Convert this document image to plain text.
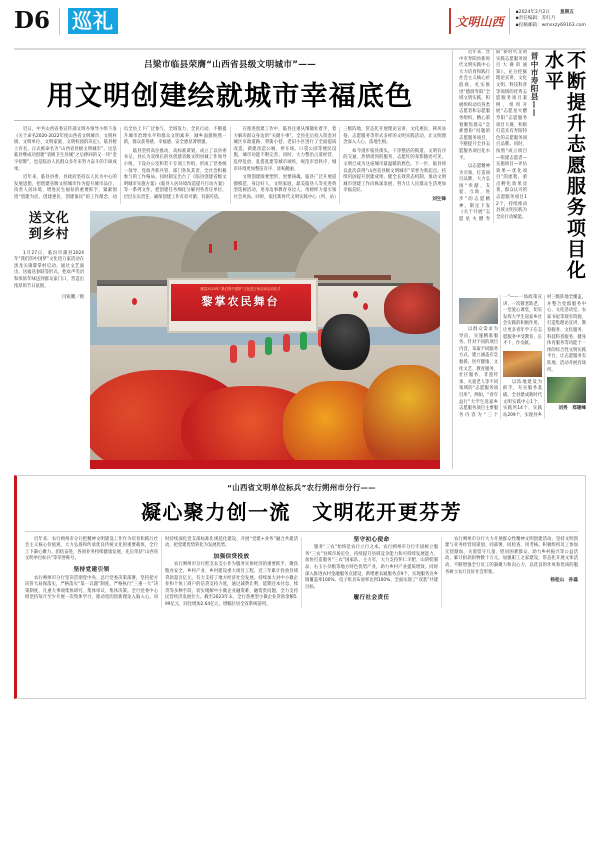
D6	巡礼	文明山西
▪2024年2月2日 星期五
▪责任编辑：苏红月
▪投稿邮箱：wmsxzy69163.com
吕梁市临县荣膺“山西省县级文明城市”——
用文明创建绘就城市幸福底色

近日，中共山西省委宣传部文明办领导小组下发《关于命名2020-2022年度山西省文明城市、文明村镇、文明单位、文明家庭、文明校园的决定》，临县榜上有名，正式被命名为“山西省县级文明城市”。这是临县继成功创建“省级卫生县城”之后捧回的又一块“金字招牌”，也是临县人民群众多年来努力奋斗的丰硕成果。

近年来，临县县委、县政府坚持以人民为中心的发展思想，把创建省级文明城市作为提升城市品位、改善人居环境、增进民生福祉的重要抓手，紧紧围绕“创建为民、创建惠民、创建靠民”的工作理念，动员全县上下广泛参与，全域发力、全民行动，不断提升城市治理水平和群众文明素养，城乡面貌焕然一新，群众获得感、幸福感、安全感显著增强。

临县坚持高位推动、高标准谋划，成立了以县委书记、县长为双组长的县创建省级文明县城工作领导小组，下设办公室和若干专项工作组，形成了党委统一领导、党政齐抓共管、部门各负其责、全社会积极参与的工作格局。同时制定出台了《临县创建省级文明城市实施方案》《临县人居环境改造提升行动方案》等一系列文件，把创建任务细化分解到各责任单位，层层压实责任，确保创建工作有章可循、有据可依。

在推进创建工作中，临县注重从细微处着手，着力解决群众身边的“关键小事”。全县先后投入资金对城区市政道路、背街小巷、老旧小区进行了全面提质改造，新建改造公厕、停车场、口袋公园等便民设施，城市功能不断完善。同时，大力整治占道经营、乱停乱放、乱搭乱建等城市顽疾，规范市容秩序，城市环境更加整洁有序、清爽靓丽。

文明创建既要塑形，更要铸魂。临县广泛开展道德模范、身边好人、文明家庭、最美临县人等先进典型选树活动，用身边事教育身边人，用榜样力量引领社会风尚。同时，依托新时代文明实践中心（所、站）三级阵地，常态化开展理论宣讲、文化惠民、移风易俗、志愿服务等形式多样的文明实践活动，让文明理念深入人心、落地生根。

如今漫步临县街头，干净整洁的街道、文明有序的交通、热情周到的服务、志愿红的身影随处可见，文明已成为这座城市最温暖的底色。下一步，临县将以此次获得“山西省县级文明城市”荣誉为新起点，持续巩固提升创建成果，健全长效常态机制，推动文明城市创建工作向纵深发展，努力让人民群众生活更加幸福美好。

刘生锋
送文化
到乡村

1月27日，临汾市蒲县2024年“我们的中国梦”文化进万家活动在黑龙关镇黎掌村启动。通过文艺演出、送福送春联等形式，把欢声笑语和浓浓年味送到群众家门口，营造出浓厚的节日氛围。

闫锐鹏／摄
蒲县2024年“我们的中国梦”文化进万家活动启动仪式
黎掌农民舞台
不断提升志愿服务项目化水平
晋中市寿阳县——

近年来，晋中市寿阳县新时代文明实践中心大力培育和践行社会主义核心价值观，扎实推进“德润寿阳”全域文明实践，积极组织动员各类志愿者和志愿服务组织，精心策划聚焦群众“急难愁盼”问题的志愿服务项目，不断提升全县志愿服务项目化水平。

以志愿精神为引领，打造项目品牌，大力弘扬“奉献、友爱、互助、进步”的志愿精神，制定下发《关于开展“志愿星火燃寿阳”新时代文明实践志愿服务项目大赛的通知》，充分挖掘理论宣讲、文化文明、科技科普等领域的优秀志愿服务项目案例，组织开展“志愿星火燃寿阳”志愿服务项目大赛，积极打造具有寿阳特色的志愿服务项目品牌。同时，按照“成立项目—组建志愿者—实施项目—评估效果—优化项目”的流程，重点孵化效果显著、群众认可的志愿服务项目12个，持续推动县域文明实践为全民行动赋能。

以群众需求为导向，实施精准服务，针对不同的项目内容，采取不同服务方式，建立涵盖应急救援、医疗健康、文化文艺、教育服务、社区服务、非遗传承、关爱老人等不同领域的“志愿服务项目库”。例如，“青年益行”大学生返家乡志愿服务项目主要服务内容为“三个一”——一场政策宣讲、一次敬老助老、一堂爱心课堂，切实发挥大学生返家乡社会实践的积极作用，让更多青年学子在志愿服务中受教育、长才干、作贡献。

以阵地建设为抓手，夯实服务基础。全县建成新时代文明实践中心1个、实践所14个、实践站209个，实现县乡村三级阵地全覆盖，并整合党群服务中心、文化活动室、农家书屋等现有资源，打造集理论宣讲、教育服务、文化服务、科技科普服务、健身体育服务等功能于一体的综合性文明实践平台，让志愿服务有阵地、活动开展有场所。

刘秀　郑建峰
“山西省文明单位标兵”农行朔州市分行——
凝心聚力创一流　文明花开更芬芳

近年来，农行朔州市分行把精神文明建设工作作为培育和践行社会主义核心价值观、大力弘扬和传承优良传统文化的重要载体，全行上下凝心聚力、团结奋进，各项业务持续健康发展，先后荣获“山西省文明单位标兵”等荣誉称号。

坚持党建引领

农行朔州市分行坚决贯彻党中央、总行党委决策部署，坚持把方向管大局保落实，严格落实“第一议题”制度，严格执行“三重一大”决策制度，凡重大事项集体研究、集体审议、集体决策。全行党委中心组坚持每月至少开展一次集体学习，推动党的创新理论入脑入心。同时持续深化党支部标准化规范化建设，开展“党建+业务”融合共建活动，把党建优势转化为发展优势。

加强信贷投放

农行朔州市分行把支农支小作为服务实体经济的重要抓手，聚焦粮食安全、乡村产业、乡村建设重大项目工程，近三年累计投放县域贷款超百亿元，有力支持了地方经济社会发展。持续加大对中小微企业和个体工商户的信贷支持力度，通过减费让利、延期还本付息、续贷等多种手段，切实缓解中小微企业融资难、融资贵问题，全力支持民营经济发展壮大。截至2023年末，全行普惠型小微企业贷款余额5.99亿元，同比增加2.64亿元，增幅位居全省系统前列。

坚守初心使命

服务“三农”始终是农行立行之本。农行朔州市分行牢固树立服务“三农”县域市场定位，持续提升县域竞争能力和可持续发展能力，加快打造服务“三农”国家队、主力军，大力支持怀仁羊肥、山阴奶制品、右玉小杂粮等地方特色优势产业，助力乡村产业提质增效。同时深入推进农村金融服务点建设，新增惠农通服务点9个，实现服务点乡镇覆盖率100%，电子机具布放率达到100%，全面实现了“双基”共建目标。

履行社会责任

农行朔州市分行大力开展群众性精神文明创建活动，坚持文明创建与业务经营同谋划、同部署、同检查、同考核。积极组织员工参加无偿献血、关爱留守儿童、慰问困难群众、助力乡村振兴等公益活动，累计捐款捐物数十万元。加强职工之家建设，常态化开展文体活动，不断增强全行员工的凝聚力和向心力，以优良的作风和优质的服务树立农行良好社会形象。

杨桂山　孙磊
